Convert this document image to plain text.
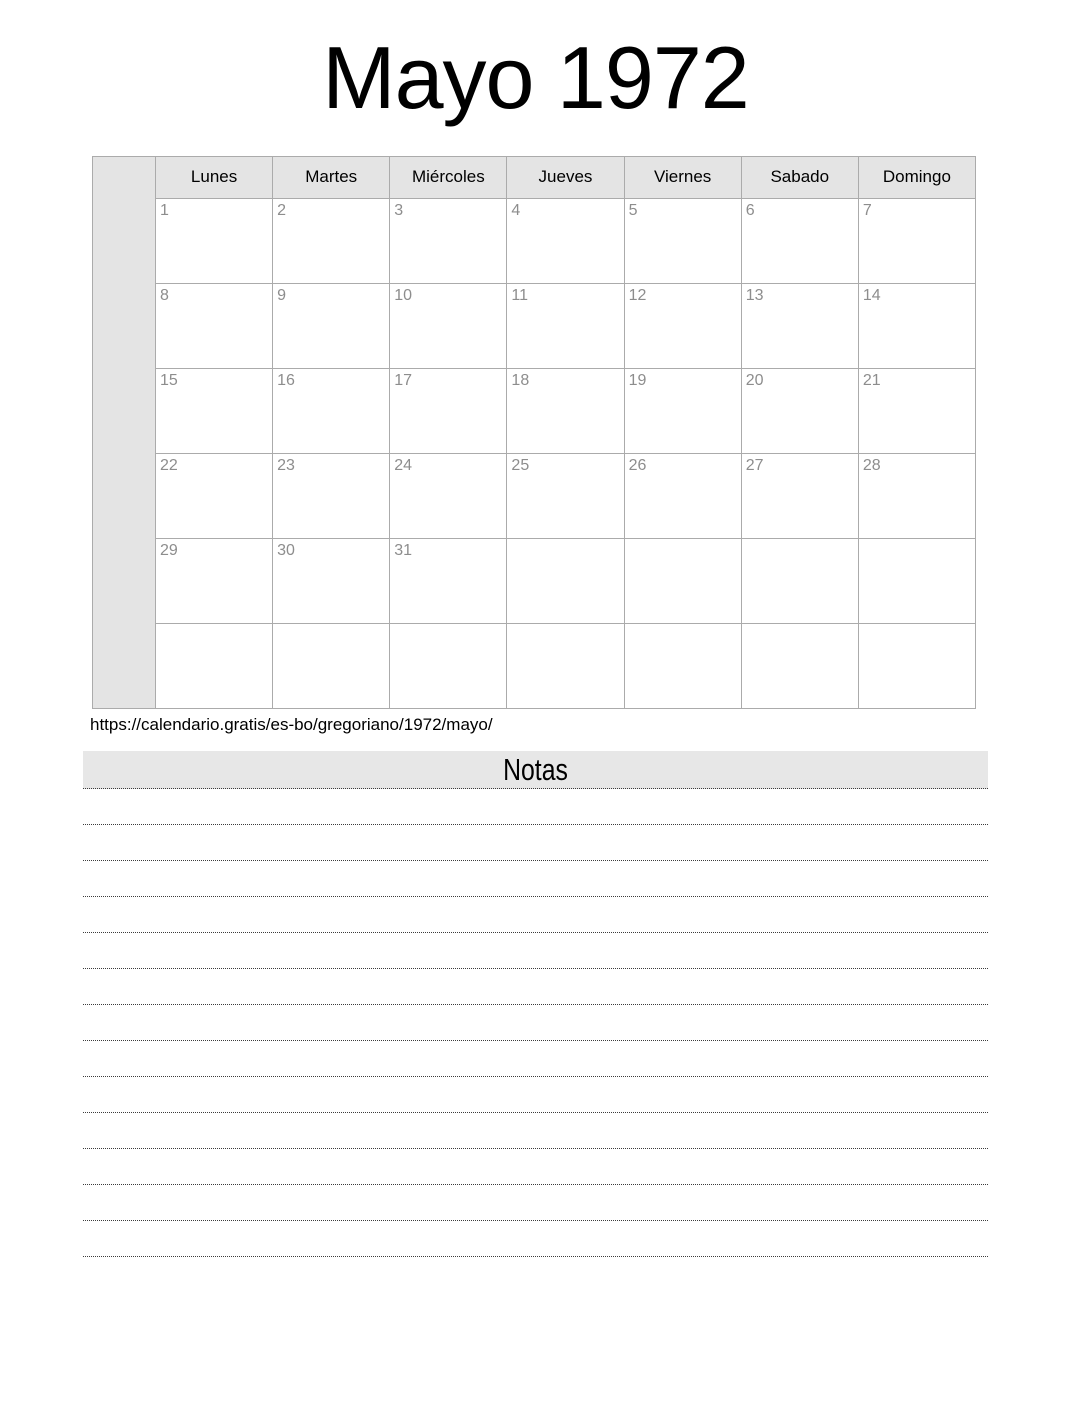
Mayo 1972
	Lunes	Martes	Miércoles	Jueves	Viernes	Sabado	Domingo
	1	2	3	4	5	6	7
	8	9	10	11	12	13	14
	15	16	17	18	19	20	21
	22	23	24	25	26	27	28
	29	30	31				

https://calendario.gratis/es-bo/gregoriano/1972/mayo/
Notas
